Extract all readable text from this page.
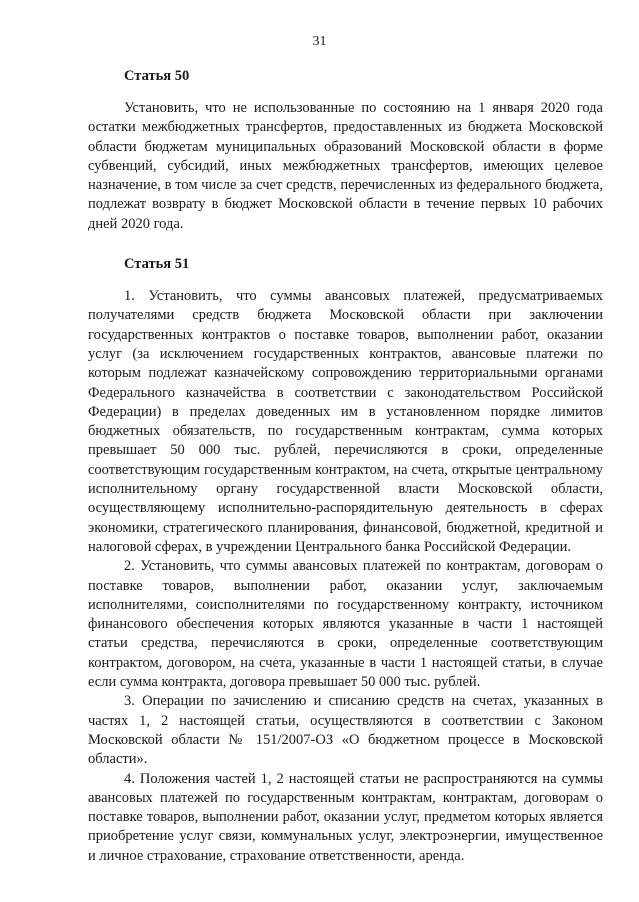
31
Статья 50

Установить, что не использованные по состоянию на 1 января 2020 года остатки межбюджетных трансфертов, предоставленных из бюджета Московской области бюджетам муниципальных образований Московской области в форме субвенций, субсидий, иных межбюджетных трансфертов, имеющих целевое назначение, в том числе за счет средств, перечисленных из федерального бюджета, подлежат возврату в бюджет Московской области в течение первых 10 рабочих дней 2020 года.

Статья 51

1. Установить, что суммы авансовых платежей, предусматриваемых получателями средств бюджета Московской области при заключении государственных контрактов о поставке товаров, выполнении работ, оказании услуг (за исключением государственных контрактов, авансовые платежи по которым подлежат казначейскому сопровождению территориальными органами Федерального казначейства в соответствии с законодательством Российской Федерации) в пределах доведенных им в установленном порядке лимитов бюджетных обязательств, по государственным контрактам, сумма которых превышает 50 000 тыс. рублей, перечисляются в сроки, определенные соответствующим государственным контрактом, на счета, открытые центральному исполнительному органу государственной власти Московской области, осуществляющему исполнительно-распорядительную деятельность в сферах экономики, стратегического планирования, финансовой, бюджетной, кредитной и налоговой сферах, в учреждении Центрального банка Российской Федерации.

2. Установить, что суммы авансовых платежей по контрактам, договорам о поставке товаров, выполнении работ, оказании услуг, заключаемым исполнителями, соисполнителями по государственному контракту, источником финансового обеспечения которых являются указанные в части 1 настоящей статьи средства, перечисляются в сроки, определенные соответствующим контрактом, договором, на счета, указанные в части 1 настоящей статьи, в случае если сумма контракта, договора превышает 50 000 тыс. рублей.

3. Операции по зачислению и списанию средств на счетах, указанных в частях 1, 2 настоящей статьи, осуществляются в соответствии с Законом Московской области № 151/2007-ОЗ «О бюджетном процессе в Московской области».

4. Положения частей 1, 2 настоящей статьи не распространяются на суммы авансовых платежей по государственным контрактам, контрактам, договорам о поставке товаров, выполнении работ, оказании услуг, предметом которых является приобретение услуг связи, коммунальных услуг, электроэнергии, имущественное и личное страхование, страхование ответственности, аренда.
